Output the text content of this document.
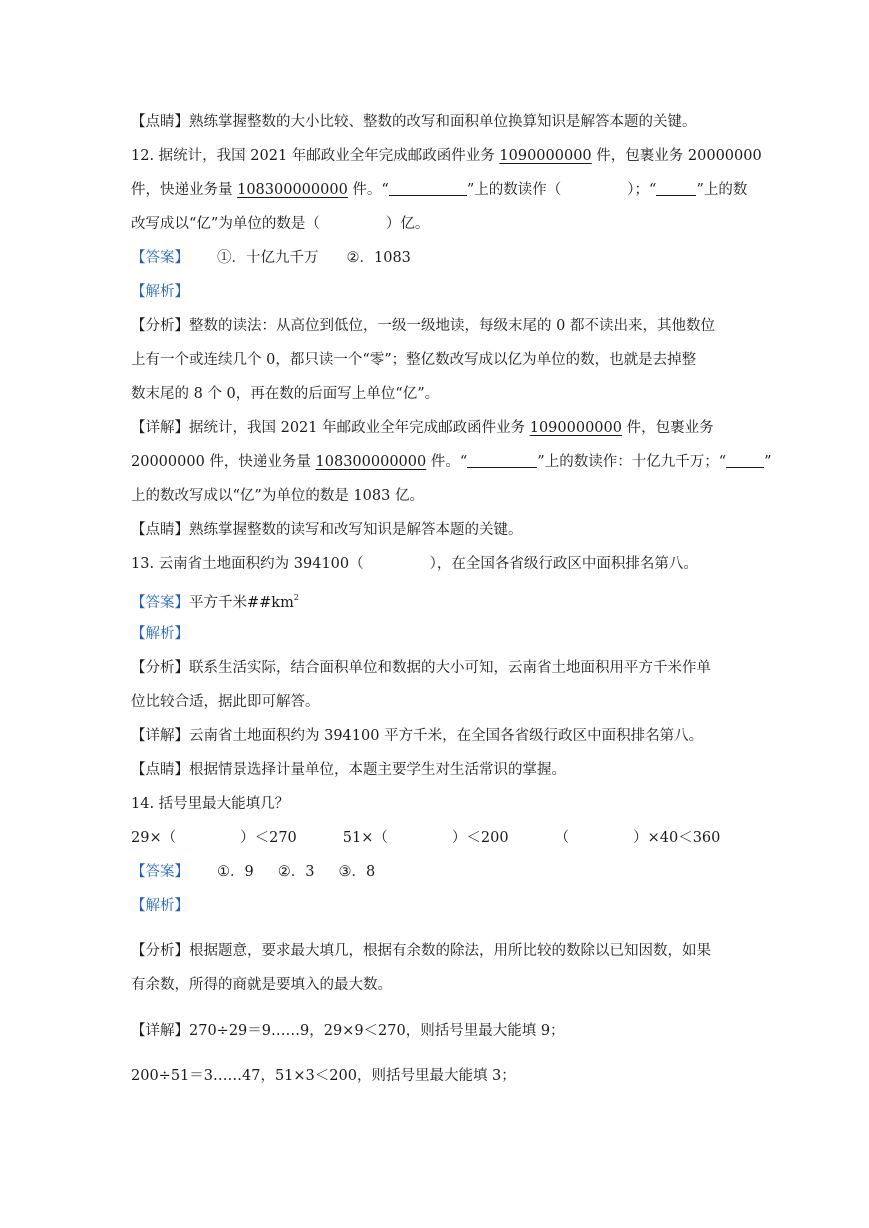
【点睛】熟练掌握整数的大小比较、整数的改写和面积单位换算知识是解答本题的关键。
12. 据统计，我国 2021 年邮政业全年完成邮政函件业务 1090000000 件，包裹业务 20000000
件，快递业务量 108300000000 件。“	”上的数读作（	）；“	”上的数
改写成以“亿”为单位的数是（	）亿。
【答案】 ①．十亿九千万 ②．1083
【解析】
【分析】整数的读法：从高位到低位，一级一级地读，每级末尾的 0 都不读出来，其他数位
上有一个或连续几个 0，都只读一个“零”；整亿数改写成以亿为单位的数，也就是去掉整
数末尾的 8 个 0，再在数的后面写上单位“亿”。
【详解】据统计，我国 2021 年邮政业全年完成邮政函件业务 1090000000 件，包裹业务
20000000 件，快递业务量 108300000000 件。“	”上的数读作：十亿九千万；“	”
上的数改写成以“亿”为单位的数是 1083 亿。
【点睛】熟练掌握整数的读写和改写知识是解答本题的关键。
13. 云南省土地面积约为 394100（	），在全国各省级行政区中面积排名第八。
【答案】平方千米$\#\#km^2$
【解析】
【分析】联系生活实际，结合面积单位和数据的大小可知，云南省土地面积用平方千米作单
位比较合适，据此即可解答。
【详解】云南省土地面积约为 394100 平方千米，在全国各省级行政区中面积排名第八。
【点睛】根据情景选择计量单位，本题主要学生对生活常识的掌握。
14. 括号里最大能填几？
29×（	）＜270	51×（	）＜200	（	）×40＜360
【答案】 ①．9 ②．3 ③．8
【解析】
【分析】根据题意，要求最大填几，根据有余数的除法，用所比较的数除以已知因数，如果
有余数，所得的商就是要填入的最大数。
【详解】270÷29＝9……9，29×9＜270，则括号里最大能填 9；
200÷51＝3……47，51×3＜200，则括号里最大能填 3；
